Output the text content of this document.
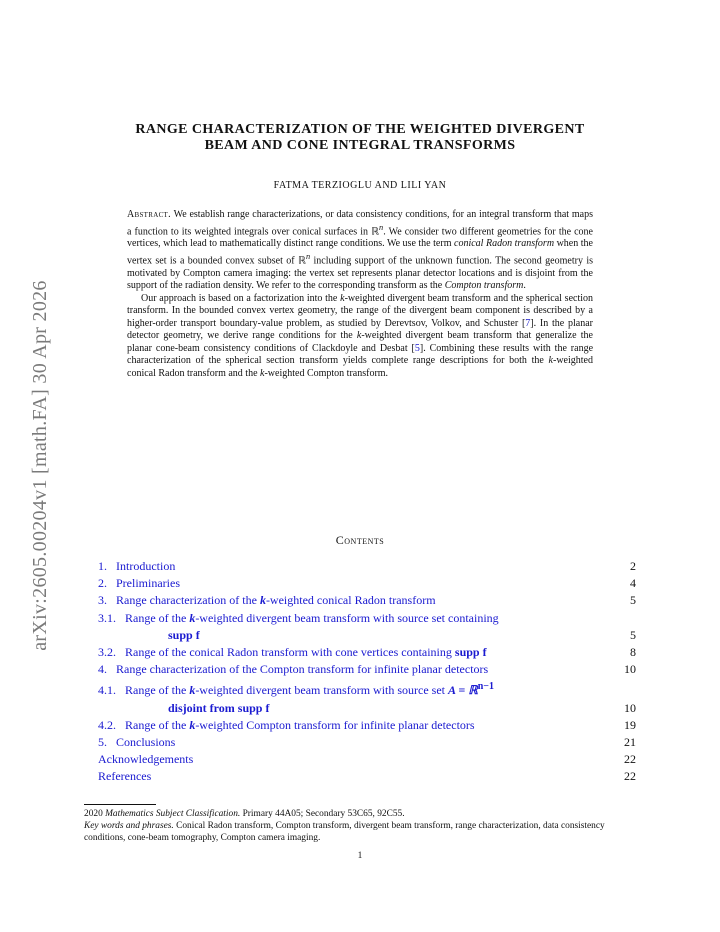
arXiv:2605.00204v1 [math.FA] 30 Apr 2026
RANGE CHARACTERIZATION OF THE WEIGHTED DIVERGENT
BEAM AND CONE INTEGRAL TRANSFORMS
FATMA TERZIOGLU AND LILI YAN

Abstract. We establish range characterizations, or data consistency conditions, for an integral transform that maps a function to its weighted integrals over conical surfaces in ℝ$^n$. We consider two different geometries for the cone vertices, which lead to mathematically distinct range conditions. We use the term conical Radon transform when the vertex set is a bounded convex subset of ℝ$^n$ including support of the unknown function. The second geometry is motivated by Compton camera imaging: the vertex set represents planar detector locations and is disjoint from the support of the radiation density. We refer to the corresponding transform as the Compton transform.

Our approach is based on a factorization into the k-weighted divergent beam transform and the spherical section transform. In the bounded convex vertex geometry, the range of the divergent beam component is described by a higher-order transport boundary-value problem, as studied by Derevtsov, Volkov, and Schuster [7]. In the planar detector geometry, we derive range conditions for the k-weighted divergent beam transform that generalize the planar cone-beam consistency conditions of Clackdoyle and Desbat [5]. Combining these results with the range characterization of the spherical section transform yields complete range descriptions for both the k-weighted conical Radon transform and the k-weighted Compton transform.

Contents
1. Introduction	2
2. Preliminaries	4
3. Range characterization of the k-weighted conical Radon transform	5
3.1. Range of the k-weighted divergent beam transform with source set containing
supp f	5
3.2. Range of the conical Radon transform with cone vertices containing supp f	8
4. Range characterization of the Compton transform for infinite planar detectors	10
4.1. Range of the k-weighted divergent beam transform with source set A = ℝ$^{n-1}$
disjoint from supp f	10
4.2. Range of the k-weighted Compton transform for infinite planar detectors	19
5. Conclusions	21
Acknowledgements	22
References	22

2020 Mathematics Subject Classification. Primary 44A05; Secondary 53C65, 92C55.

Key words and phrases. Conical Radon transform, Compton transform, divergent beam transform, range characterization, data consistency conditions, cone-beam tomography, Compton camera imaging.

1
